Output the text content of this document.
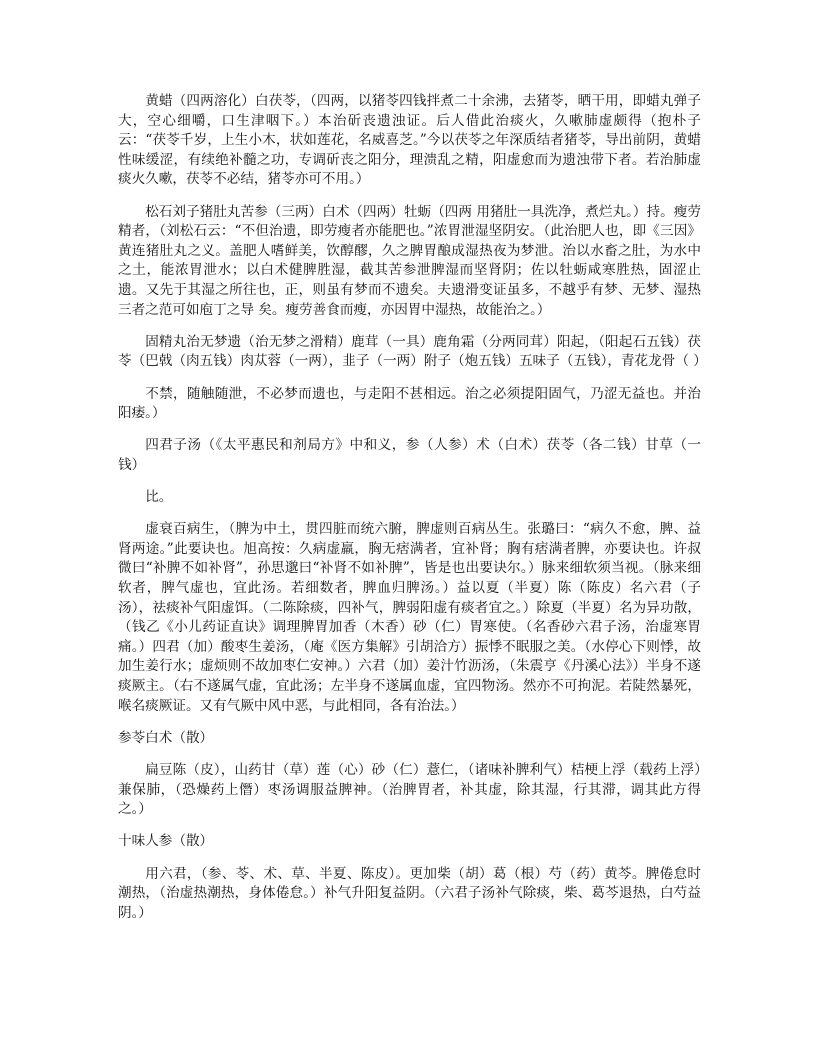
黄蜡（四两溶化）白茯苓，（四两，以猪苓四钱拌煮二十余沸，去猪苓，晒干用，即蜡丸弹子大，空心细嚼，口生津咽下。）本治斫丧遗浊证。后人借此治痰火，久嗽肺虚颇得（抱朴子云：“茯苓千岁，上生小木，状如莲花，名威喜芝。”今以茯苓之年深质结者猪苓，导出前阴，黄蜡性味缓涩，有续绝补髓之功，专调斫丧之阳分，理溃乱之精，阳虚愈而为遗浊带下者。若治肺虚痰火久嗽，茯苓不必结，猪苓亦可不用。）

松石刘子猪肚丸苦参（三两）白术（四两）牡蛎（四两 用猪肚一具洗净，煮烂丸。）持。瘦劳精者，（刘松石云：“不但治遗，即劳瘦者亦能肥也。”浓胃泄湿坚阴安。（此治肥人也，即《三因》黄连猪肚丸之义。盖肥人嗜鲜美，饮醇醪，久之脾胃酿成湿热夜为梦泄。治以水畜之肚，为水中之土，能浓胃泄水；以白术健脾胜湿，截其苦参泄脾湿而坚肾阴；佐以牡蛎咸寒胜热，固涩止遗。又先于其湿之所往也，正，则虽有梦而不遗矣。夫遗滑变证虽多，不越乎有梦、无梦、湿热三者之范可如庖丁之导 矣。瘦劳善食而瘦，亦因胃中湿热，故能治之。）

固精丸治无梦遗（治无梦之滑精）鹿茸（一具）鹿角霜（分两同茸）阳起，（阳起石五钱）茯苓（巴戟（肉五钱）肉苁蓉（一两），韭子（一两）附子（炮五钱）五味子（五钱），青花龙骨（ ）

不禁，随触随泄，不必梦而遗也，与走阳不甚相远。治之必须提阳固气，乃涩无益也。并治阳痿。）

四君子汤（《太平惠民和剂局方》中和义，参（人参）术（白术）茯苓（各二钱）甘草（一钱）

比。

虚衰百病生，（脾为中土，贯四脏而统六腑，脾虚则百病丛生。张璐曰：“病久不愈，脾、益肾两途。”此要诀也。旭高按：久病虚羸，胸无痞满者，宜补肾；胸有痞满者脾，亦要诀也。许叔微曰“补脾不如补肾”，孙思邈曰“补肾不如补脾”，皆是也出要诀尔。）脉来细软须当视。（脉来细软者，脾气虚也，宜此汤。若细数者，脾血归脾汤。）益以夏（半夏）陈（陈皮）名六君（子汤），祛痰补气阳虚饵。（二陈除痰，四补气，脾弱阳虚有痰者宜之。）除夏（半夏）名为异功散，（钱乙《小儿药证直诀》调理脾胃加香（木香）砂（仁）胃寒使。（名香砂六君子汤，治虚寒胃痛。）四君（加）酸枣生姜汤，（庵《医方集解》引胡洽方）振悸不眠服之美。（水停心下则悸，故加生姜行水；虚烦则不故加枣仁安神。）六君（加）姜汁竹沥汤，（朱震亨《丹溪心法》）半身不遂痰厥主。（右不遂属气虚，宜此汤；左半身不遂属血虚，宜四物汤。然亦不可拘泥。若陡然暴死，喉名痰厥证。又有气厥中风中恶，与此相同，各有治法。）

参苓白术（散）

扁豆陈（皮），山药甘（草）莲（心）砂（仁）薏仁，（诸味补脾利气）桔梗上浮（载药上浮）兼保肺，（恐燥药上僭）枣汤调服益脾神。（治脾胃者，补其虚，除其湿，行其滞，调其此方得之。）

十味人参（散）

用六君，（参、苓、术、草、半夏、陈皮）。更加柴（胡）葛（根）芍（药）黄芩。脾倦怠时潮热，（治虚热潮热，身体倦怠。）补气升阳复益阴。（六君子汤补气除痰，柴、葛芩退热，白芍益阴。）
